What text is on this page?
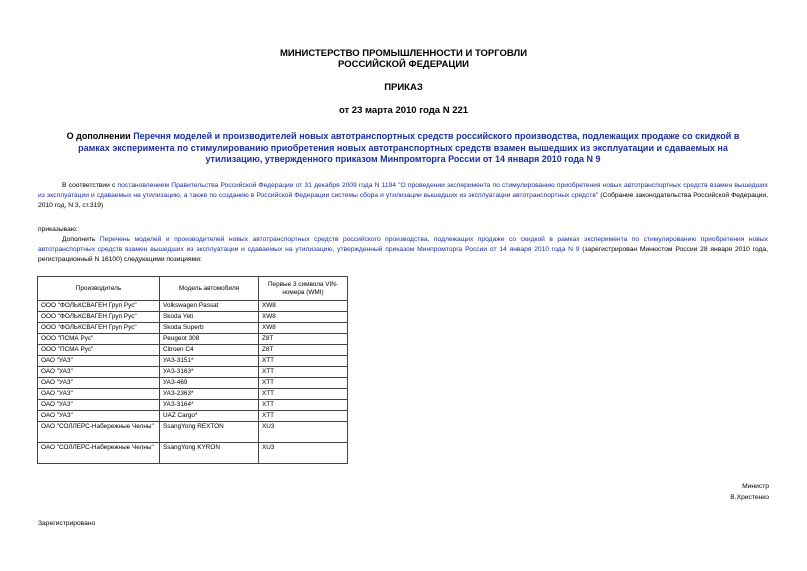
МИНИСТЕРСТВО ПРОМЫШЛЕННОСТИ И ТОРГОВЛИ
РОССИЙСКОЙ ФЕДЕРАЦИИ
ПРИКАЗ
от 23 марта 2010 года N 221
О дополнении Перечня моделей и производителей новых автотранспортных средств российского производства, подлежащих продаже со скидкой в рамках эксперимента по стимулированию приобретения новых автотранспортных средств взамен вышедших из эксплуатации и сдаваемых на утилизацию, утвержденного приказом Минпромторга России от 14 января 2010 года N 9
В соответствии с постановлением Правительства Российской Федерации от 31 декабря 2009 года N 1194 "О проведении эксперимента по стимулированию приобретения новых автотранспортных средств взамен вышедших из эксплуатации и сдаваемых на утилизацию, а также по созданию в Российской Федерации системы сбора и утилизации вышедших из эксплуатации автотранспортных средств" (Собрание законодательства Российской Федерации, 2010 год, N 3, ст.319)
приказываю:
Дополнить Перечень моделей и производителей новых автотранспортных средств российского производства, подлежащих продаже со скидкой в рамках эксперимента по стимулированию приобретения новых автотранспортных средств взамен вышедших из эксплуатации и сдаваемых на утилизацию, утвержденный приказом Минпромторга России от 14 января 2010 года N 9 (зарегистрирован Минюстом России 28 января 2010 года, регистрационный N 16100) следующими позициями:
Производитель	Модель автомобиля	Первые 3 символа VIN-номера (WMI)
ООО "ФОЛЬКСВАГЕН Груп Рус"	Volkswagen Passat	XW8
ООО "ФОЛЬКСВАГЕН Груп Рус"	Skoda Yeti	XW8
ООО "ФОЛЬКСВАГЕН Груп Рус"	Skoda Superb	XW8
ООО "ПСМА Рус"	Peugeot 308	Z8T
ООО "ПСМА Рус"	Citroen C4	Z8T
ОАО "УАЗ"	УАЗ-3151*	XTT
ОАО "УАЗ"	УАЗ-3163*	XTT
ОАО "УАЗ"	УАЗ-469	XTT
ОАО "УАЗ"	УАЗ-2363*	XTT
ОАО "УАЗ"	УАЗ-3164*	XTT
ОАО "УАЗ"	UAZ Cargo*	XTT
ОАО "СОЛЛЕРС-Набережные Челны"	SsangYong REXTON	XU3
ОАО "СОЛЛЕРС-Набережные Челны"	SsangYong KYRON	XU3
Министр
В.Христенко
Зарегистрировано
